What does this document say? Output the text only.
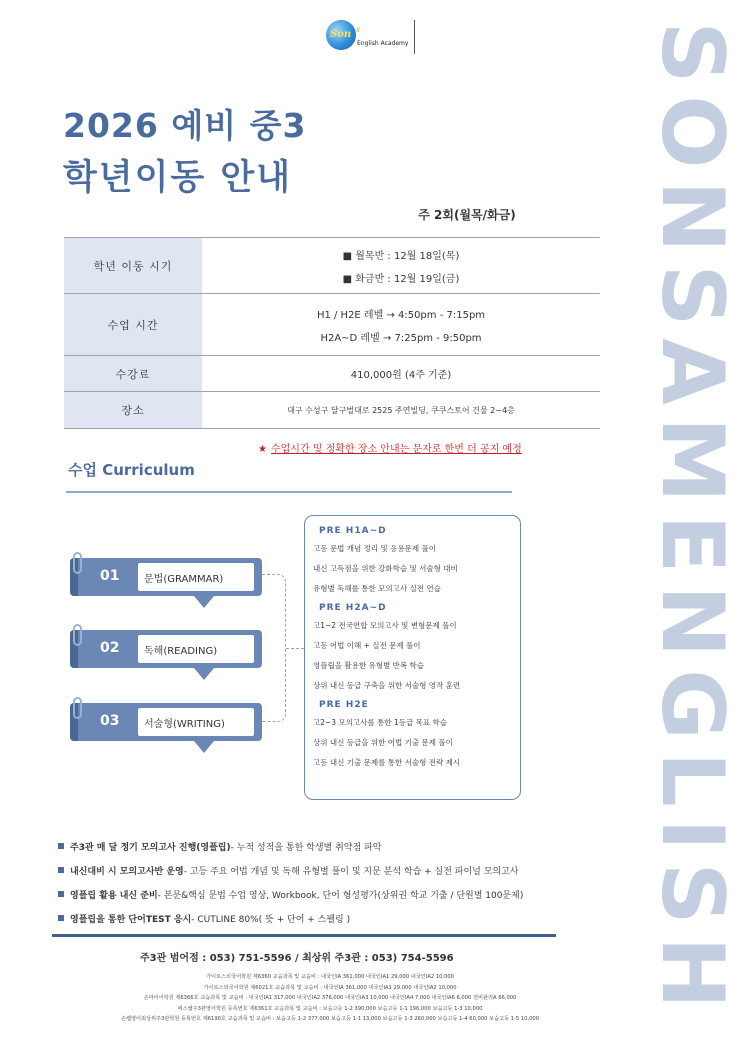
Son s
English Academy	SONSAMENGLISH
2026 예비 중3
학년이동 안내
주 2회(월목/화금)
학년 이동 시기
■ 월목반 : 12월 18일(목)
■ 화금반 : 12월 19일(금)
수업 시간
H1 / H2E 레벨 → 4:50pm - 7:15pm
H2A~D 레벨 → 7:25pm - 9:50pm
수강료	410,000원 (4주 기준)
장소	대구 수성구 달구벌대로 2525 주연빌딩, 쿠쿠스토어 건물 2~4층
★ 수업시간 및 정확한 장소 안내는 문자로 한번 더 공지 예정
수업 Curriculum
01	문법(GRAMMAR)
02	독해(READING)
03	서술형(WRITING)
PRE H1A~D
고등 문법 개념 정리 및 응용문제 풀이
내신 고득점을 위한 강화학습 및 서술형 대비
유형별 독해를 통한 모의고사 실전 연습
PRE H2A~D
고1~2 전국연합 모의고사 및 변형문제 풀이
고등 어법 이해 + 실전 문제 풀이
영플립을 활용한 유형별 반복 학습
상위 내신 등급 구축을 위한 서술형 영작 훈련
PRE H2E
고2~3 모의고사를 통한 1등급 목표 학습
상위 내신 등급을 위한 어법 기출 문제 풀이
고등 내신 기출 문제를 통한 서술형 전략 제시
주3관 매 달 정기 모의고사 진행(영플립) - 누적 성적을 통한 학생별 취약점 파악
내신대비 시 모의고사반 운영 - 고등 주요 어법 개념 및 독해 유형별 풀이 및 지문 분석 학습 + 실전 파이널 모의고사
영플립 활용 내신 준비 - 본문&핵심 문법 수업 영상, Workbook, 단어 형성평가(상위권 학교 기출 / 단원별 100문제)
영플립을 통한 단어TEST 응시 - CUTLINE 80%( 뜻 + 단어 + 스펠링 )
주3관 범어점 : 053) 751-5596 / 최상위 주3관 : 053) 754-5596
가이로스외국어학원 제6360 교습과목 및 교습비 : 내국인IA 361,000 내국인IA1 29,000 내국인IA2 10,000
가이로스외국어학원 제6021호 교습과목 및 교습비 : 내국인IA 361,000 내국인IA1 29,000 내국인IA2 10,000
손마이어학원 제6366호 교습과목 및 교습비 : 내국인IA1 317,000 내국인IA2 376,000 내국인IA3 10,000 내국인IA4 7,000 내국인IA6 6,000 전비관리A 66,000
에스쌤주3관영어학원 등록번호 제6361호 교습과목 및 교습비 : 보습고등 1-2 390,000 보습고등 1-1 196,000 보습고등 1-3 10,000
손쌤영어최상위주3관학원 등록번호 제6190호 교습과목 및 교습비 : 보습고등 1-2 377,000 보습고등 1-1 13,000 보습고등 1-3 260,000 보습고등 1-4 60,000 보습고등 1-5 10,000
